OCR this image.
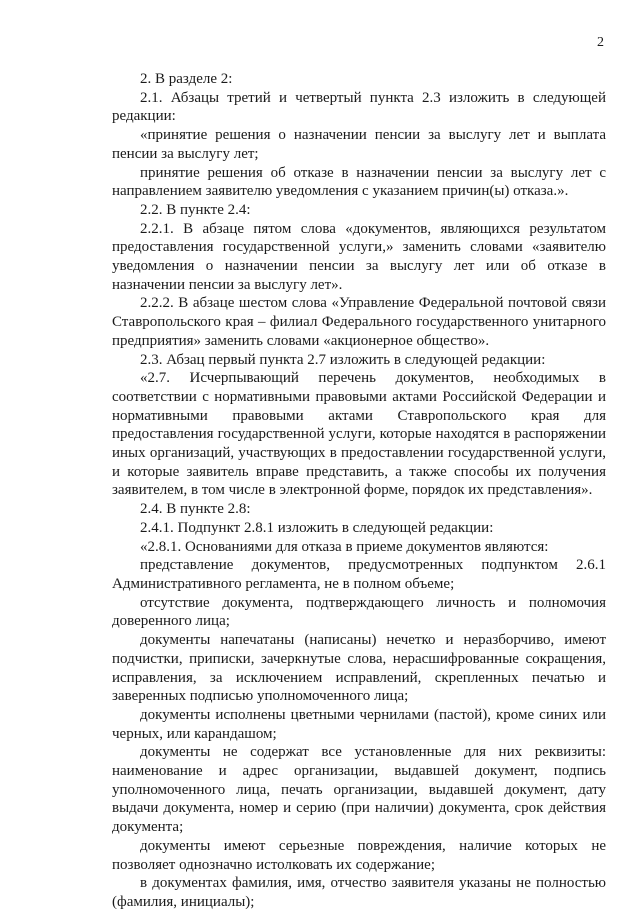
2

2. В разделе 2:

2.1. Абзацы третий и четвертый пункта 2.3 изложить в следующей редакции:

«принятие решения о назначении пенсии за выслугу лет и выплата пенсии за выслугу лет;

принятие решения об отказе в назначении пенсии за выслугу лет с направлением заявителю уведомления с указанием причин(ы) отказа.».

2.2. В пункте 2.4:

2.2.1. В абзаце пятом слова «документов, являющихся результатом предоставления государственной услуги,» заменить словами «заявителю уведомления о назначении пенсии за выслугу лет или об отказе в назначении пенсии за выслугу лет».

2.2.2. В абзаце шестом слова «Управление Федеральной почтовой связи Ставропольского края – филиал Федерального государственного унитарного предприятия» заменить словами «акционерное общество».

2.3. Абзац первый пункта 2.7 изложить в следующей редакции:

«2.7. Исчерпывающий перечень документов, необходимых в соответствии с нормативными правовыми актами Российской Федерации и нормативными правовыми актами Ставропольского края для предоставления государственной услуги, которые находятся в распоряжении иных организаций, участвующих в предоставлении государственной услуги, и которые заявитель вправе представить, а также способы их получения заявителем, в том числе в электронной форме, порядок их представления».

2.4. В пункте 2.8:

2.4.1. Подпункт 2.8.1 изложить в следующей редакции:

«2.8.1. Основаниями для отказа в приеме документов являются:

представление документов, предусмотренных подпунктом 2.6.1 Административного регламента, не в полном объеме;

отсутствие документа, подтверждающего личность и полномочия доверенного лица;

документы напечатаны (написаны) нечетко и неразборчиво, имеют подчистки, приписки, зачеркнутые слова, нерасшифрованные сокращения, исправления, за исключением исправлений, скрепленных печатью и заверенных подписью уполномоченного лица;

документы исполнены цветными чернилами (пастой), кроме синих или черных, или карандашом;

документы не содержат все установленные для них реквизиты: наименование и адрес организации, выдавшей документ, подпись уполномоченного лица, печать организации, выдавшей документ, дату выдачи документа, номер и серию (при наличии) документа, срок действия документа;

документы имеют серьезные повреждения, наличие которых не позволяет однозначно истолковать их содержание;

в документах фамилия, имя, отчество заявителя указаны не полностью (фамилия, инициалы);
